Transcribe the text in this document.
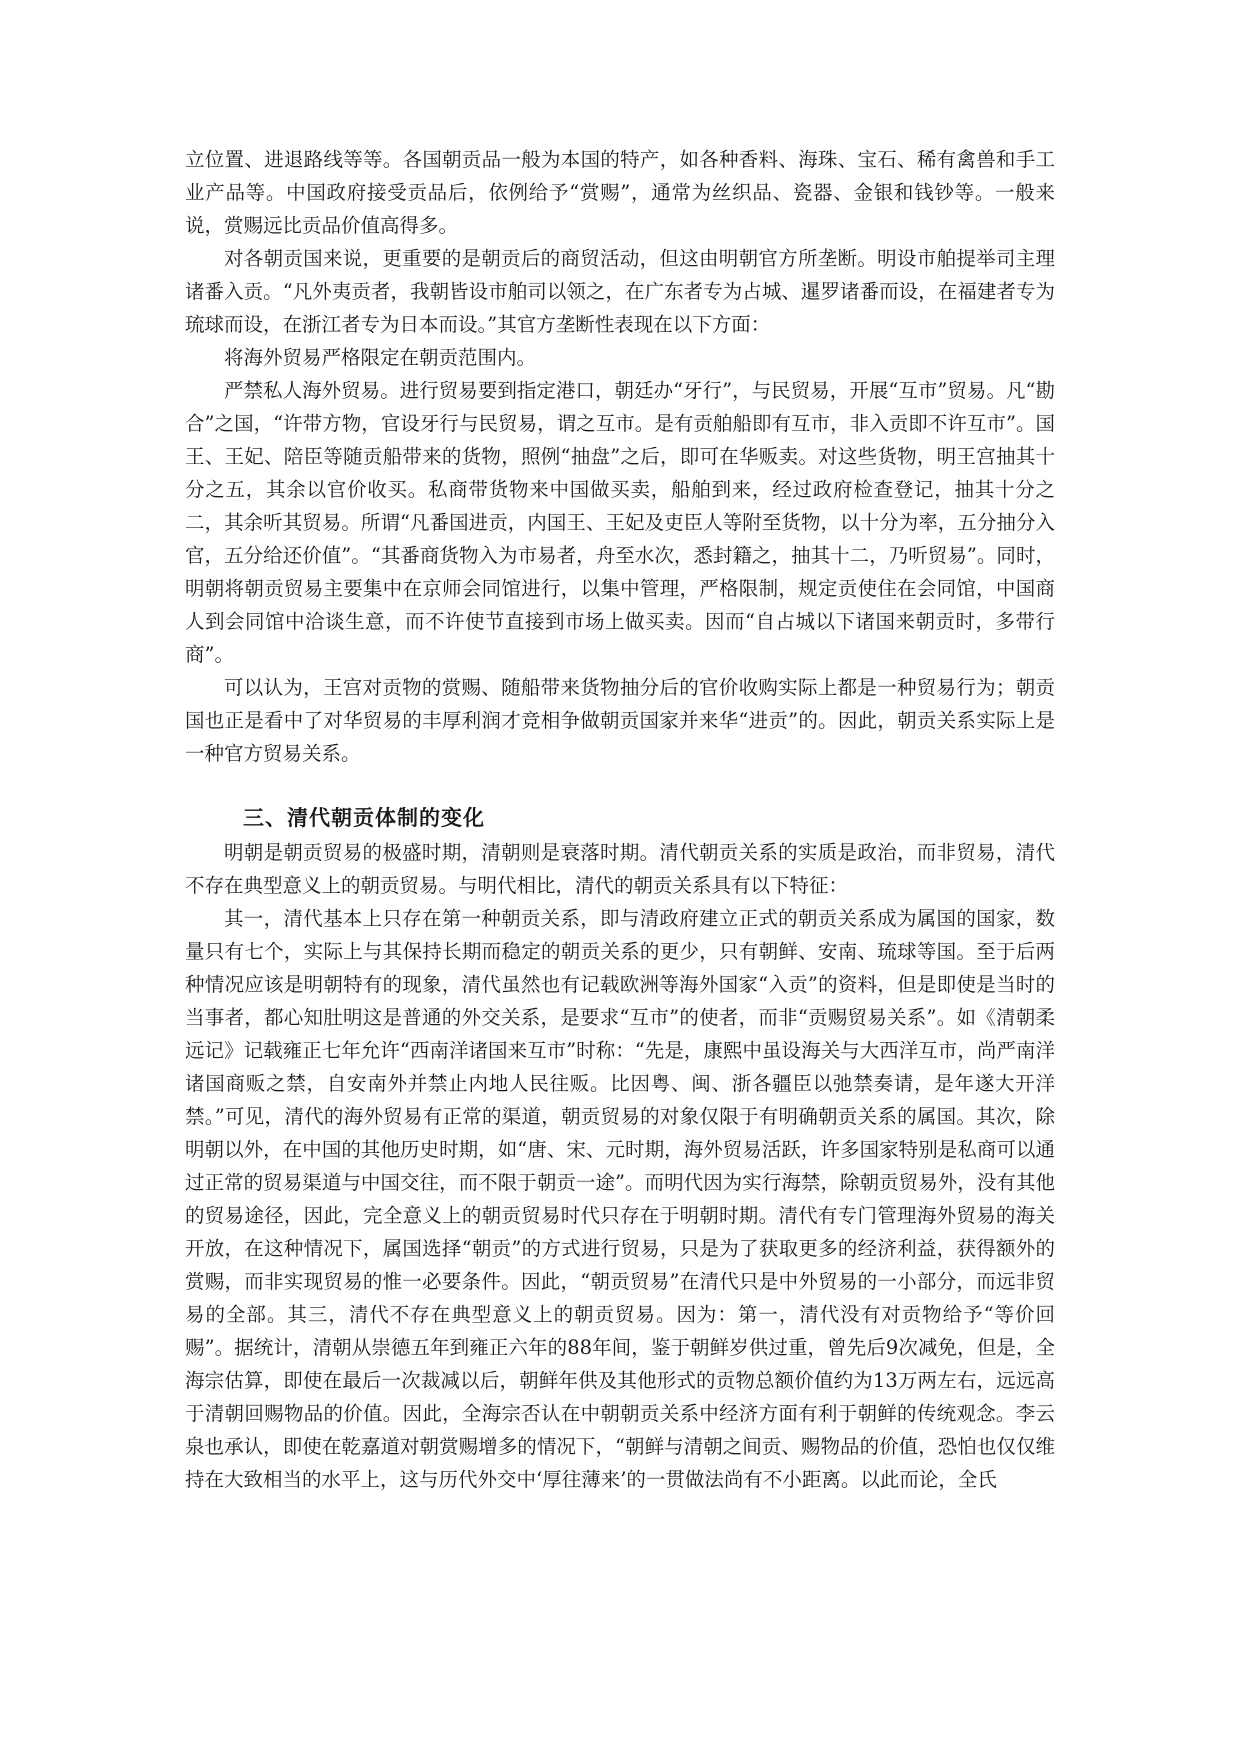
立位置、进退路线等等。各国朝贡品一般为本国的特产，如各种香料、海珠、宝石、稀有禽兽和手工业产品等。中国政府接受贡品后，依例给予“赏赐”，通常为丝织品、瓷器、金银和钱钞等。一般来说，赏赐远比贡品价值高得多。

对各朝贡国来说，更重要的是朝贡后的商贸活动，但这由明朝官方所垄断。明设市舶提举司主理诸番入贡。“凡外夷贡者，我朝皆设市舶司以领之，在广东者专为占城、暹罗诸番而设，在福建者专为琉球而设，在浙江者专为日本而设。”其官方垄断性表现在以下方面：

将海外贸易严格限定在朝贡范围内。

严禁私人海外贸易。进行贸易要到指定港口，朝廷办“牙行”，与民贸易，开展“互市”贸易。凡“勘合”之国，“许带方物，官设牙行与民贸易，谓之互市。是有贡舶船即有互市，非入贡即不许互市”。国王、王妃、陪臣等随贡船带来的货物，照例“抽盘”之后，即可在华贩卖。对这些货物，明王宫抽其十分之五，其余以官价收买。私商带货物来中国做买卖，船舶到来，经过政府检查登记，抽其十分之二，其余听其贸易。所谓“凡番国进贡，内国王、王妃及吏臣人等附至货物，以十分为率，五分抽分入官，五分给还价值”。“其番商货物入为市易者，舟至水次，悉封籍之，抽其十二，乃听贸易”。同时，明朝将朝贡贸易主要集中在京师会同馆进行，以集中管理，严格限制，规定贡使住在会同馆，中国商人到会同馆中洽谈生意，而不许使节直接到市场上做买卖。因而“自占城以下诸国来朝贡时，多带行商”。

可以认为，王宫对贡物的赏赐、随船带来货物抽分后的官价收购实际上都是一种贸易行为；朝贡国也正是看中了对华贸易的丰厚利润才竞相争做朝贡国家并来华“进贡”的。因此，朝贡关系实际上是一种官方贸易关系。

三、清代朝贡体制的变化

明朝是朝贡贸易的极盛时期，清朝则是衰落时期。清代朝贡关系的实质是政治，而非贸易，清代不存在典型意义上的朝贡贸易。与明代相比，清代的朝贡关系具有以下特征：

其一，清代基本上只存在第一种朝贡关系，即与清政府建立正式的朝贡关系成为属国的国家，数量只有七个，实际上与其保持长期而稳定的朝贡关系的更少，只有朝鲜、安南、琉球等国。至于后两种情况应该是明朝特有的现象，清代虽然也有记载欧洲等海外国家“入贡”的资料，但是即使是当时的当事者，都心知肚明这是普通的外交关系，是要求“互市”的使者，而非“贡赐贸易关系”。如《清朝柔远记》记载雍正七年允许“西南洋诸国来互市”时称：“先是，康熙中虽设海关与大西洋互市，尚严南洋诸国商贩之禁，自安南外并禁止内地人民往贩。比因粤、闽、浙各疆臣以弛禁奏请，是年遂大开洋禁。”可见，清代的海外贸易有正常的渠道，朝贡贸易的对象仅限于有明确朝贡关系的属国。其次，除明朝以外，在中国的其他历史时期，如“唐、宋、元时期，海外贸易活跃，许多国家特别是私商可以通过正常的贸易渠道与中国交往，而不限于朝贡一途”。而明代因为实行海禁，除朝贡贸易外，没有其他的贸易途径，因此，完全意义上的朝贡贸易时代只存在于明朝时期。清代有专门管理海外贸易的海关开放，在这种情况下，属国选择“朝贡”的方式进行贸易，只是为了获取更多的经济利益，获得额外的赏赐，而非实现贸易的惟一必要条件。因此，“朝贡贸易”在清代只是中外贸易的一小部分，而远非贸易的全部。其三，清代不存在典型意义上的朝贡贸易。因为：第一，清代没有对贡物给予“等价回赐”。据统计，清朝从崇德五年到雍正六年的88年间，鉴于朝鲜岁供过重，曾先后9次减免，但是，全海宗估算，即使在最后一次裁减以后，朝鲜年供及其他形式的贡物总额价值约为13万两左右，远远高于清朝回赐物品的价值。因此，全海宗否认在中朝朝贡关系中经济方面有利于朝鲜的传统观念。李云泉也承认，即使在乾嘉道对朝赏赐增多的情况下，“朝鲜与清朝之间贡、赐物品的价值，恐怕也仅仅维持在大致相当的水平上，这与历代外交中‘厚往薄来’的一贯做法尚有不小距离。以此而论，全氏
